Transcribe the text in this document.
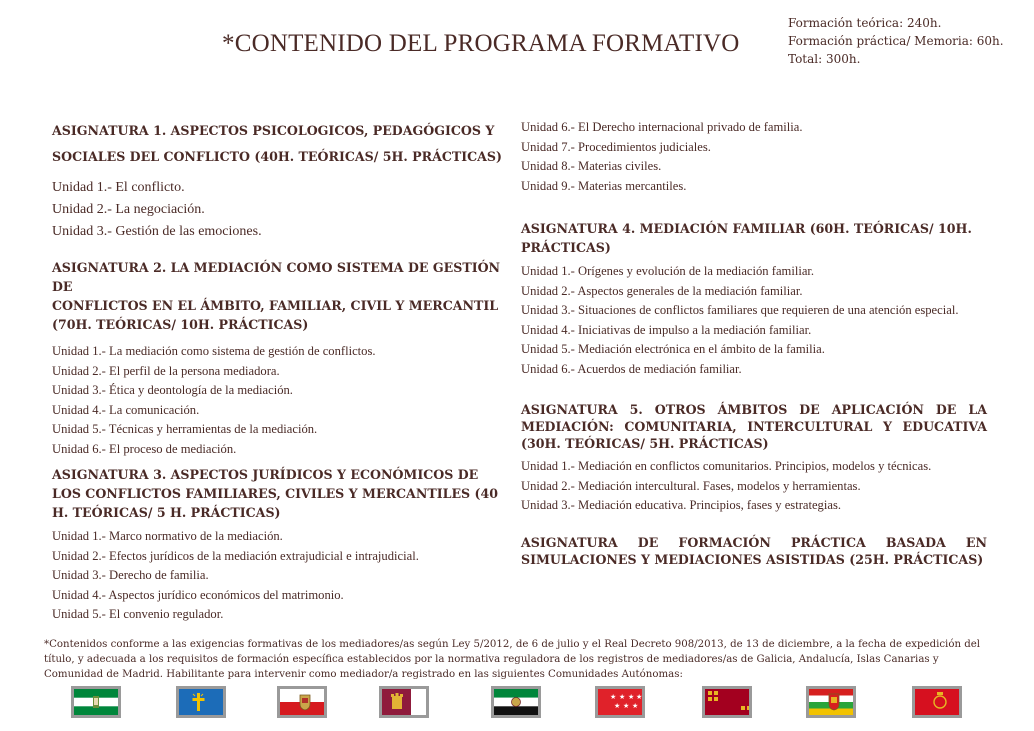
*CONTENIDO DEL PROGRAMA FORMATIVO
Formación teórica: 240h.
Formación práctica/ Memoria: 60h.
Total: 300h.
ASIGNATURA 1. ASPECTOS PSICOLOGICOS, PEDAGÓGICOS Y SOCIALES DEL CONFLICTO (40H. TEÓRICAS/ 5H. PRÁCTICAS)
Unidad 1.- El conflicto.
Unidad 2.- La negociación.
Unidad 3.- Gestión de las emociones.
ASIGNATURA 2. LA MEDIACIÓN COMO SISTEMA DE GESTIÓN DE
CONFLICTOS EN EL ÁMBITO, FAMILIAR, CIVIL Y MERCANTIL
(70H. TEÓRICAS/ 10H. PRÁCTICAS)
Unidad 1.- La mediación como sistema de gestión de conflictos.
Unidad 2.- El perfil de la persona mediadora.
Unidad 3.- Ética y deontología de la mediación.
Unidad 4.- La comunicación.
Unidad 5.- Técnicas y herramientas de la mediación.
Unidad 6.- El proceso de mediación.
ASIGNATURA 3. ASPECTOS JURÍDICOS Y ECONÓMICOS DE LOS CONFLICTOS FAMILIARES, CIVILES Y MERCANTILES (40 H. TEÓRICAS/ 5 H. PRÁCTICAS)
Unidad 1.- Marco normativo de la mediación.
Unidad 2.- Efectos jurídicos de la mediación extrajudicial e intrajudicial.
Unidad 3.- Derecho de familia.
Unidad 4.- Aspectos jurídico económicos del matrimonio.
Unidad 5.- El convenio regulador.
Unidad 6.- El Derecho internacional privado de familia.
Unidad 7.- Procedimientos judiciales.
Unidad 8.- Materias civiles.
Unidad 9.- Materias mercantiles.
ASIGNATURA 4. MEDIACIÓN FAMILIAR (60H. TEÓRICAS/ 10H. PRÁCTICAS)
Unidad 1.- Orígenes y evolución de la mediación familiar.
Unidad 2.- Aspectos generales de la mediación familiar.
Unidad 3.- Situaciones de conflictos familiares que requieren de una atención especial.
Unidad 4.- Iniciativas de impulso a la mediación familiar.
Unidad 5.- Mediación electrónica en el ámbito de la familia.
Unidad 6.- Acuerdos de mediación familiar.
ASIGNATURA 5. OTROS ÁMBITOS DE APLICACIÓN DE LA MEDIACIÓN: COMUNITARIA, INTERCULTURAL Y EDUCATIVA (30H. TEÓRICAS/ 5H. PRÁCTICAS)
Unidad 1.- Mediación en conflictos comunitarios. Principios, modelos y técnicas.
Unidad 2.- Mediación intercultural. Fases, modelos y herramientas.
Unidad 3.- Mediación educativa. Principios, fases y estrategias.
ASIGNATURA DE FORMACIÓN PRÁCTICA BASADA EN SIMULACIONES Y MEDIACIONES ASISTIDAS (25H. PRÁCTICAS)
*Contenidos conforme a las exigencias formativas de los mediadores/as según Ley 5/2012, de 6 de julio y el Real Decreto 908/2013, de 13 de diciembre, a la fecha de expedición del título, y adecuada a los requisitos de formación específica establecidos por la normativa reguladora de los registros de mediadores/as de Galicia, Andalucía, Islas Canarias y Comunidad de Madrid. Habilitante para intervenir como mediador/a registrado en las siguientes Comunidades Autónomas:
★ ★ ★ ★
★ ★ ★
